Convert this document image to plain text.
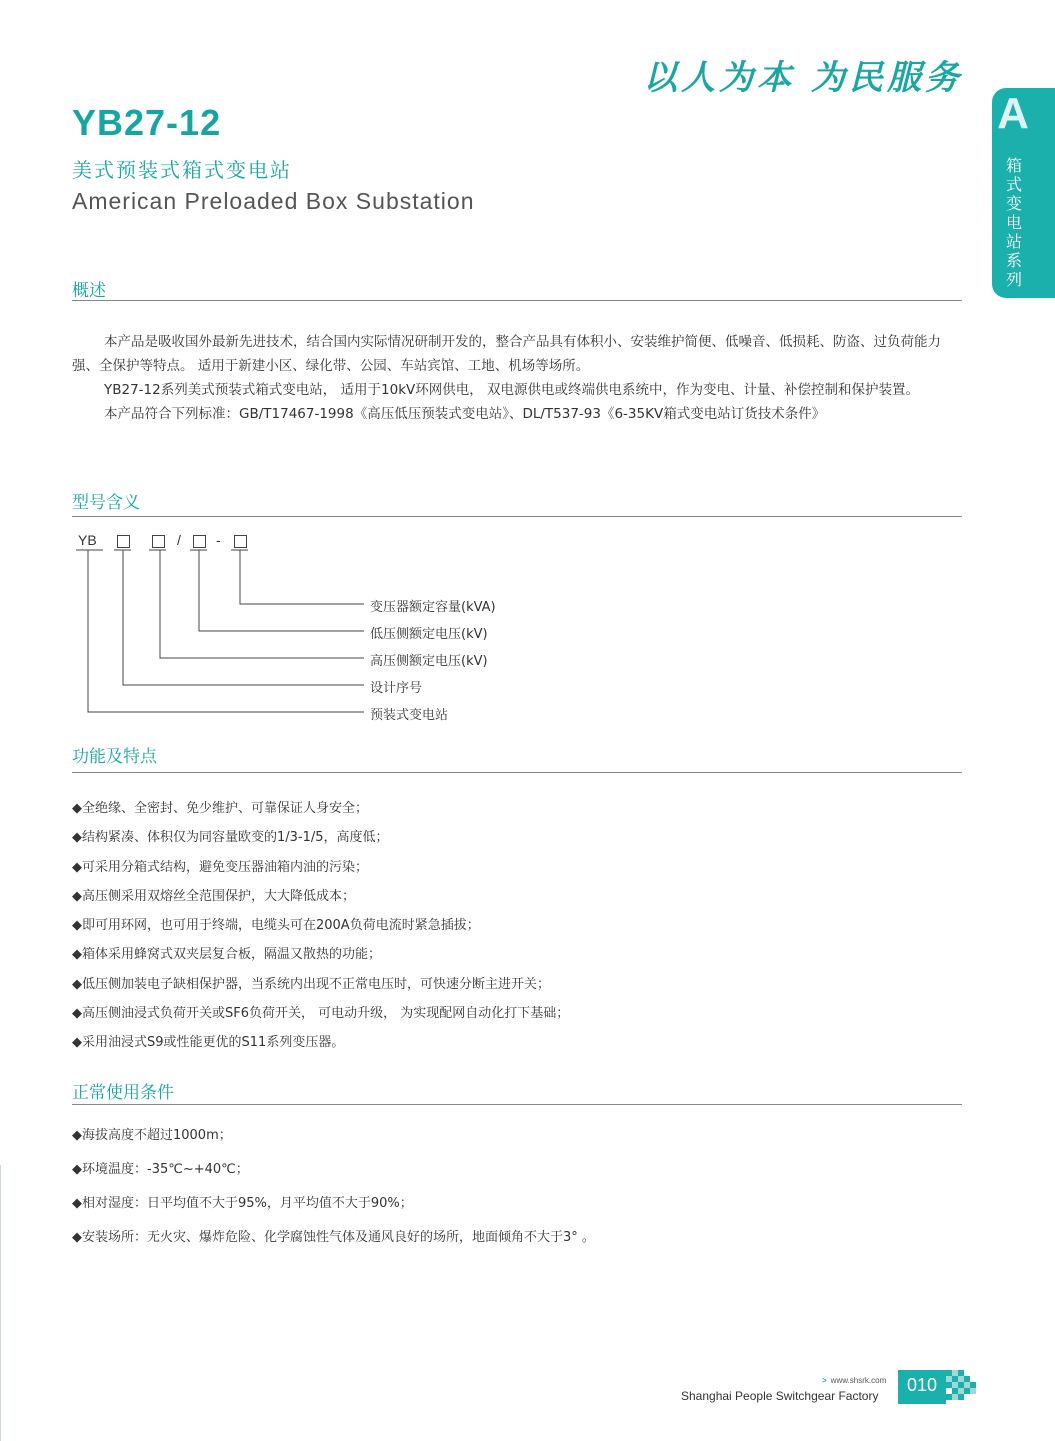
以人为本 为民服务
A
箱式变电站系列
YB27-12
美式预装式箱式变电站
American Preloaded Box Substation
概述

本产品是吸收国外最新先进技术，结合国内实际情况研制开发的，整合产品具有体积小、安装维护简便、低噪音、低损耗、防盗、过负荷能力强、全保护等特点。 适用于新建小区、绿化带、公园、车站宾馆、工地、机场等场所。

YB27-12系列美式预装式箱式变电站， 适用于10kV环网供电， 双电源供电或终端供电系统中，作为变电、计量、补偿控制和保护装置。

本产品符合下列标准：GB/T17467-1998《高压低压预装式变电站》、DL/T537-93《6-35KV箱式变电站订货技术条件》

型号含义
YB	/	-
变压器额定容量(kVA)
低压侧额定电压(kV)
高压侧额定电压(kV)
设计序号
预装式变电站
功能及特点
◆全绝缘、全密封、免少维护、可靠保证人身安全；
◆结构紧凑、体积仅为同容量欧变的1/3-1/5，高度低；
◆可采用分箱式结构，避免变压器油箱内油的污染；
◆高压侧采用双熔丝全范围保护，大大降低成本；
◆即可用环网，也可用于终端，电缆头可在200A负荷电流时紧急插拔；
◆箱体采用蜂窝式双夹层复合板，隔温又散热的功能；
◆低压侧加装电子缺相保护器，当系统内出现不正常电压时，可快速分断主进开关；
◆高压侧油浸式负荷开关或SF6负荷开关， 可电动升级， 为实现配网自动化打下基础；
◆采用油浸式S9或性能更优的S11系列变压器。
正常使用条件
◆海拔高度不超过1000m；
◆环境温度：-35℃~+40℃；
◆相对湿度：日平均值不大于95%，月平均值不大于90%；
◆安装场所：无火灾、爆炸危险、化学腐蚀性气体及通风良好的场所，地面倾角不大于3° 。
> www.shsrk.com
Shanghai People Switchgear Factory
010
